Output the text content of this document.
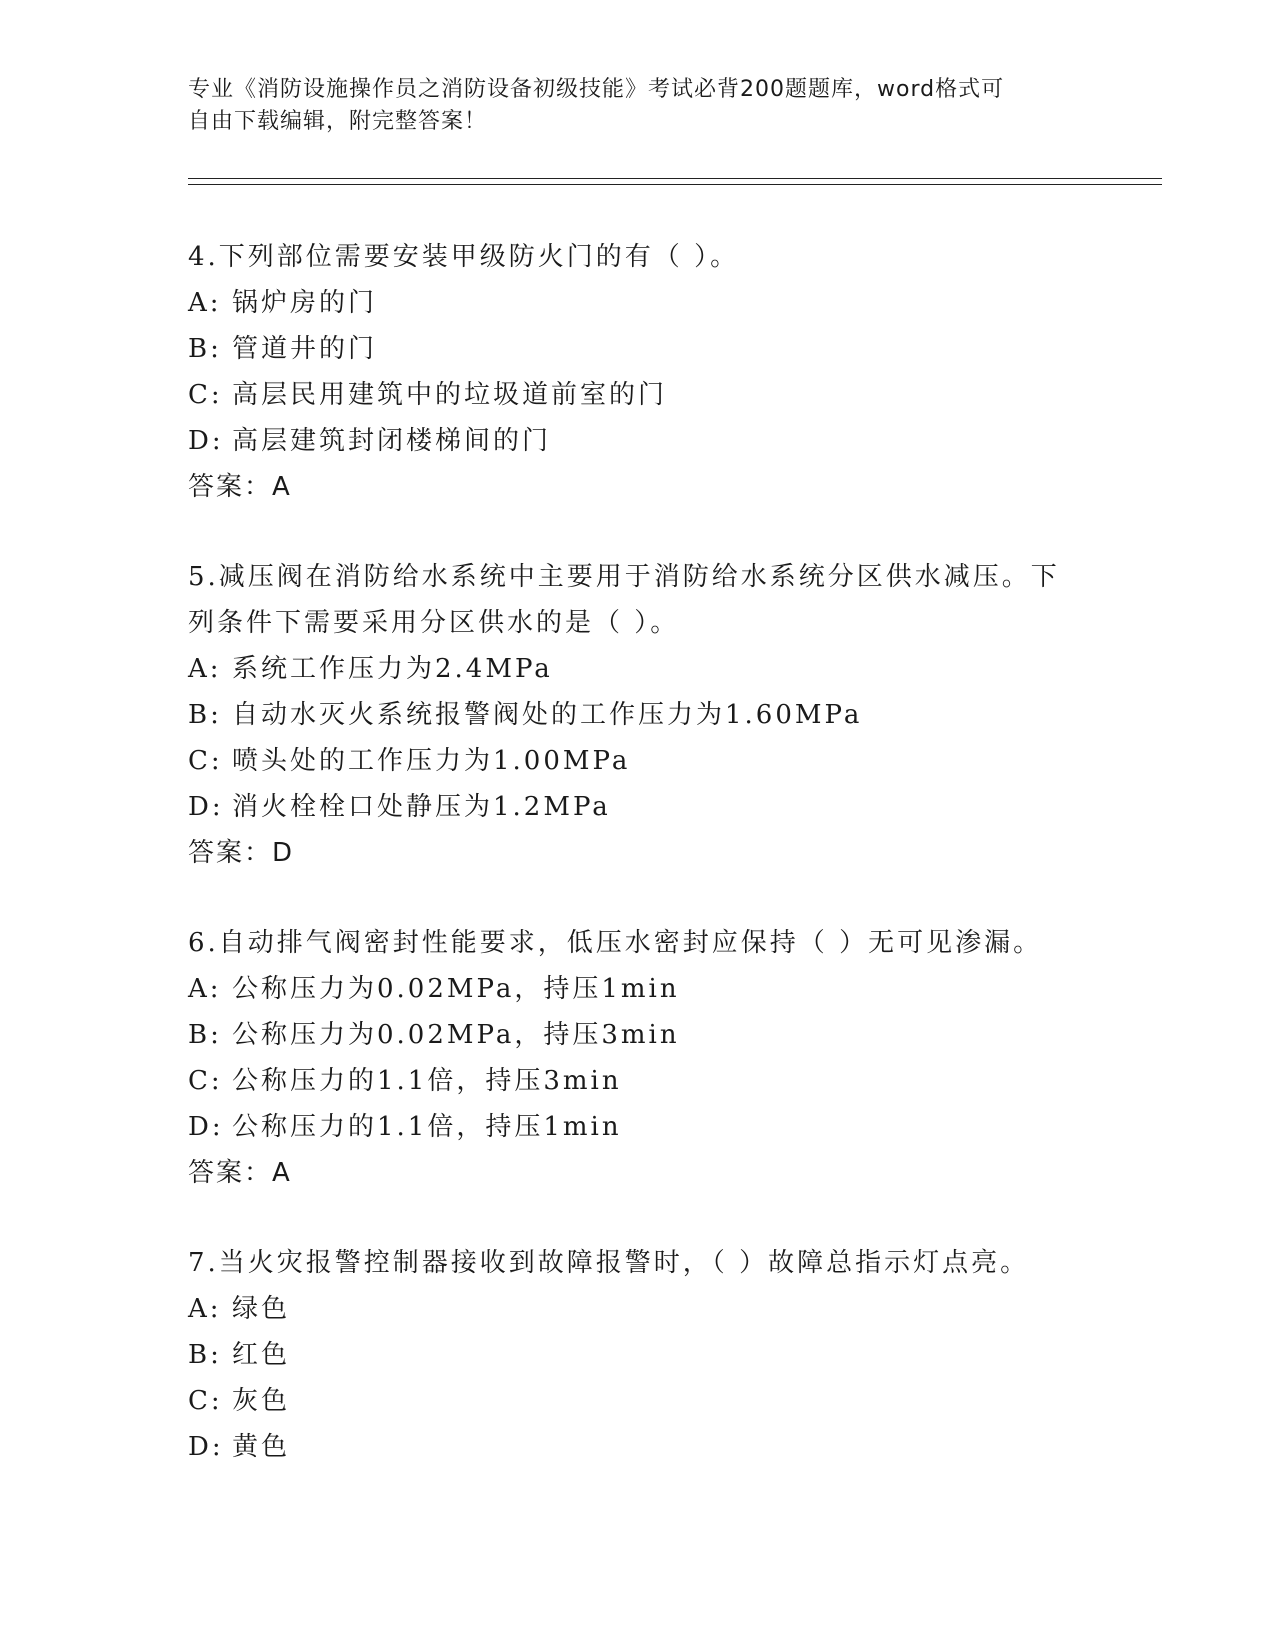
专业《消防设施操作员之消防设备初级技能》考试必背200题题库，word格式可
自由下载编辑，附完整答案！
4.下列部位需要安装甲级防火门的有（ ）。
A: 锅炉房的门
B: 管道井的门
C: 高层民用建筑中的垃圾道前室的门
D: 高层建筑封闭楼梯间的门
答案：A
5.减压阀在消防给水系统中主要用于消防给水系统分区供水减压。下列条件下需要采用分区供水的是（ ）。
A: 系统工作压力为2.4MPa
B: 自动水灭火系统报警阀处的工作压力为1.60MPa
C: 喷头处的工作压力为1.00MPa
D: 消火栓栓口处静压为1.2MPa
答案：D
6.自动排气阀密封性能要求，低压水密封应保持（ ）无可见渗漏。
A: 公称压力为0.02MPa，持压1min
B: 公称压力为0.02MPa，持压3min
C: 公称压力的1.1倍，持压3min
D: 公称压力的1.1倍，持压1min
答案：A
7.当火灾报警控制器接收到故障报警时，（ ）故障总指示灯点亮。
A: 绿色
B: 红色
C: 灰色
D: 黄色
